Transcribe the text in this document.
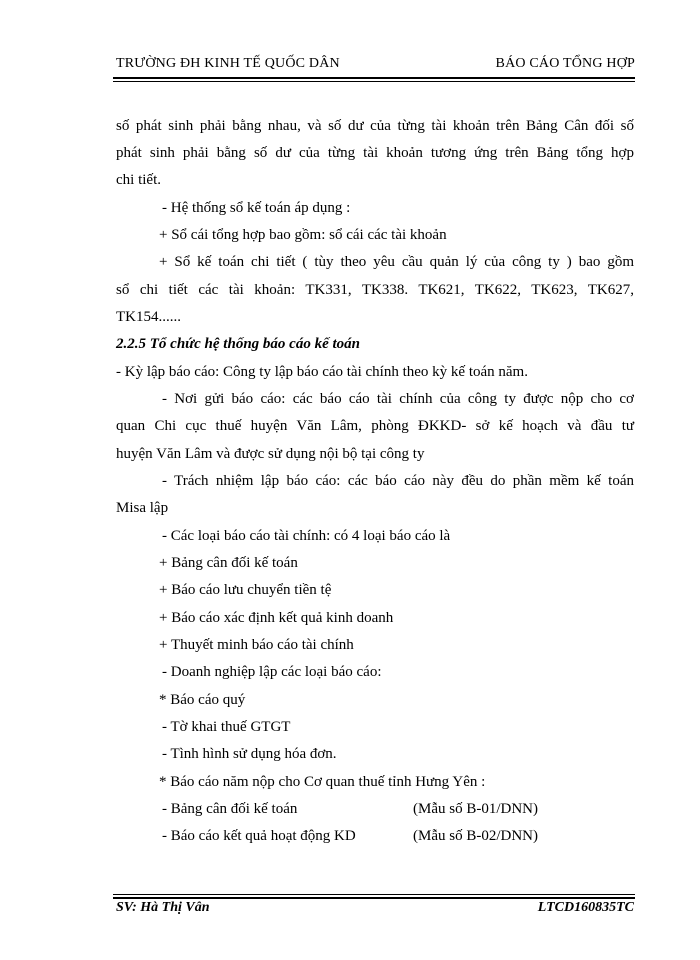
TRƯỜNG ĐH KINH TẾ QUỐC DÂN	BÁO CÁO TỔNG HỢP
số phát sinh phải bằng nhau, và số dư của từng tài khoản trên Bảng Cân đối số
phát sinh phải bằng số dư của từng tài khoản tương ứng trên Bảng tổng hợp
chi tiết.
- Hệ thống sổ kế toán áp dụng :
+ Sổ cái tổng hợp bao gồm: sổ cái các tài khoản
+ Sổ kế toán chi tiết ( tùy theo yêu cầu quản lý của công ty ) bao gồm
sổ chi tiết các tài khoản: TK331, TK338. TK621, TK622, TK623, TK627,
TK154......
2.2.5 Tổ chức hệ thống báo cáo kế toán
- Kỳ lập báo cáo: Công ty lập báo cáo tài chính theo kỳ kế toán năm.
- Nơi gửi báo cáo: các báo cáo tài chính của công ty được nộp cho cơ
quan Chi cục thuế huyện Văn Lâm, phòng ĐKKD- sở kế hoạch và đầu tư
huyện Văn Lâm và được sử dụng nội bộ tại công ty
- Trách nhiệm lập báo cáo: các báo cáo này đều do phần mềm kế toán
Misa lập
- Các loại báo cáo tài chính: có 4 loại báo cáo là
+ Bảng cân đối kế toán
+ Báo cáo lưu chuyển tiền tệ
+ Báo cáo xác định kết quả kinh doanh
+ Thuyết minh báo cáo tài chính
- Doanh nghiệp lập các loại báo cáo:
* Báo cáo quý
- Tờ khai thuế GTGT
- Tình hình sử dụng hóa đơn.
* Báo cáo năm nộp cho Cơ quan thuế tỉnh Hưng Yên :
- Bảng cân đối kế toán	(Mẫu số B-01/DNN)
- Báo cáo kết quả hoạt động KD	(Mẫu số B-02/DNN)
SV: Hà Thị Vân	LTCD160835TC
